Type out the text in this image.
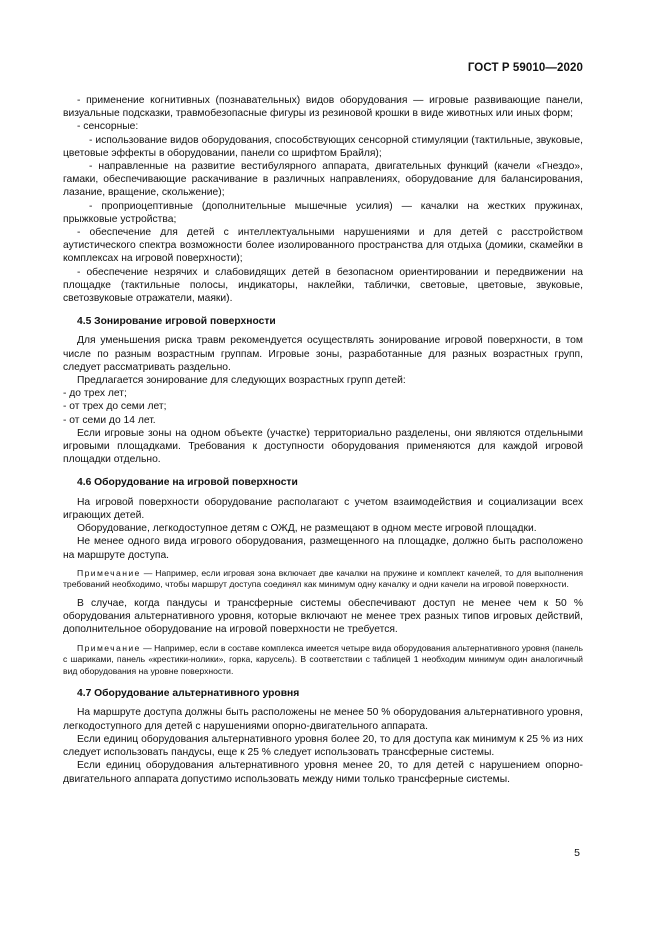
ГОСТ Р 59010—2020

- применение когнитивных (познавательных) видов оборудования — игровые развивающие панели, визуальные подсказки, травмобезопасные фигуры из резиновой крошки в виде животных или иных форм;

- сенсорные:

- использование видов оборудования, способствующих сенсорной стимуляции (тактильные, звуковые, цветовые эффекты в оборудовании, панели со шрифтом Брайля);

- направленные на развитие вестибулярного аппарата, двигательных функций (качели «Гнездо», гамаки, обеспечивающие раскачивание в различных направлениях, оборудование для балансирования, лазание, вращение, скольжение);

- проприоцептивные (дополнительные мышечные усилия) — качалки на жестких пружинах, прыжковые устройства;

- обеспечение для детей с интеллектуальными нарушениями и для детей с расстройством аутистического спектра возможности более изолированного пространства для отдыха (домики, скамейки в комплексах на игровой поверхности);

- обеспечение незрячих и слабовидящих детей в безопасном ориентировании и передвижении на площадке (тактильные полосы, индикаторы, наклейки, таблички, световые, цветовые, звуковые, светозвуковые отражатели, маяки).

4.5 Зонирование игровой поверхности

Для уменьшения риска травм рекомендуется осуществлять зонирование игровой поверхности, в том числе по разным возрастным группам. Игровые зоны, разработанные для разных возрастных групп, следует рассматривать раздельно.

Предлагается зонирование для следующих возрастных групп детей:

- до трех лет;

- от трех до семи лет;

- от семи до 14 лет.

Если игровые зоны на одном объекте (участке) территориально разделены, они являются отдельными игровыми площадками. Требования к доступности оборудования применяются для каждой игровой площадки отдельно.

4.6 Оборудование на игровой поверхности

На игровой поверхности оборудование располагают с учетом взаимодействия и социализации всех играющих детей.

Оборудование, легкодоступное детям с ОЖД, не размещают в одном месте игровой площадки.

Не менее одного вида игрового оборудования, размещенного на площадке, должно быть расположено на маршруте доступа.

Примечание — Например, если игровая зона включает две качалки на пружине и комплект качелей, то для выполнения требований необходимо, чтобы маршрут доступа соединял как минимум одну качалку и одни качели на игровой поверхности.

В случае, когда пандусы и трансферные системы обеспечивают доступ не менее чем к 50 % оборудования альтернативного уровня, которые включают не менее трех разных типов игровых действий, дополнительное оборудование на игровой поверхности не требуется.

Примечание — Например, если в составе комплекса имеется четыре вида оборудования альтернативного уровня (панель с шариками, панель «крестики-нолики», горка, карусель). В соответствии с таблицей 1 необходим минимум один аналогичный вид оборудования на уровне поверхности.

4.7 Оборудование альтернативного уровня

На маршруте доступа должны быть расположены не менее 50 % оборудования альтернативного уровня, легкодоступного для детей с нарушениями опорно-двигательного аппарата.

Если единиц оборудования альтернативного уровня более 20, то для доступа как минимум к 25 % из них следует использовать пандусы, еще к 25 % следует использовать трансферные системы.

Если единиц оборудования альтернативного уровня менее 20, то для детей с нарушением опорно-двигательного аппарата допустимо использовать между ними только трансферные системы.

5
